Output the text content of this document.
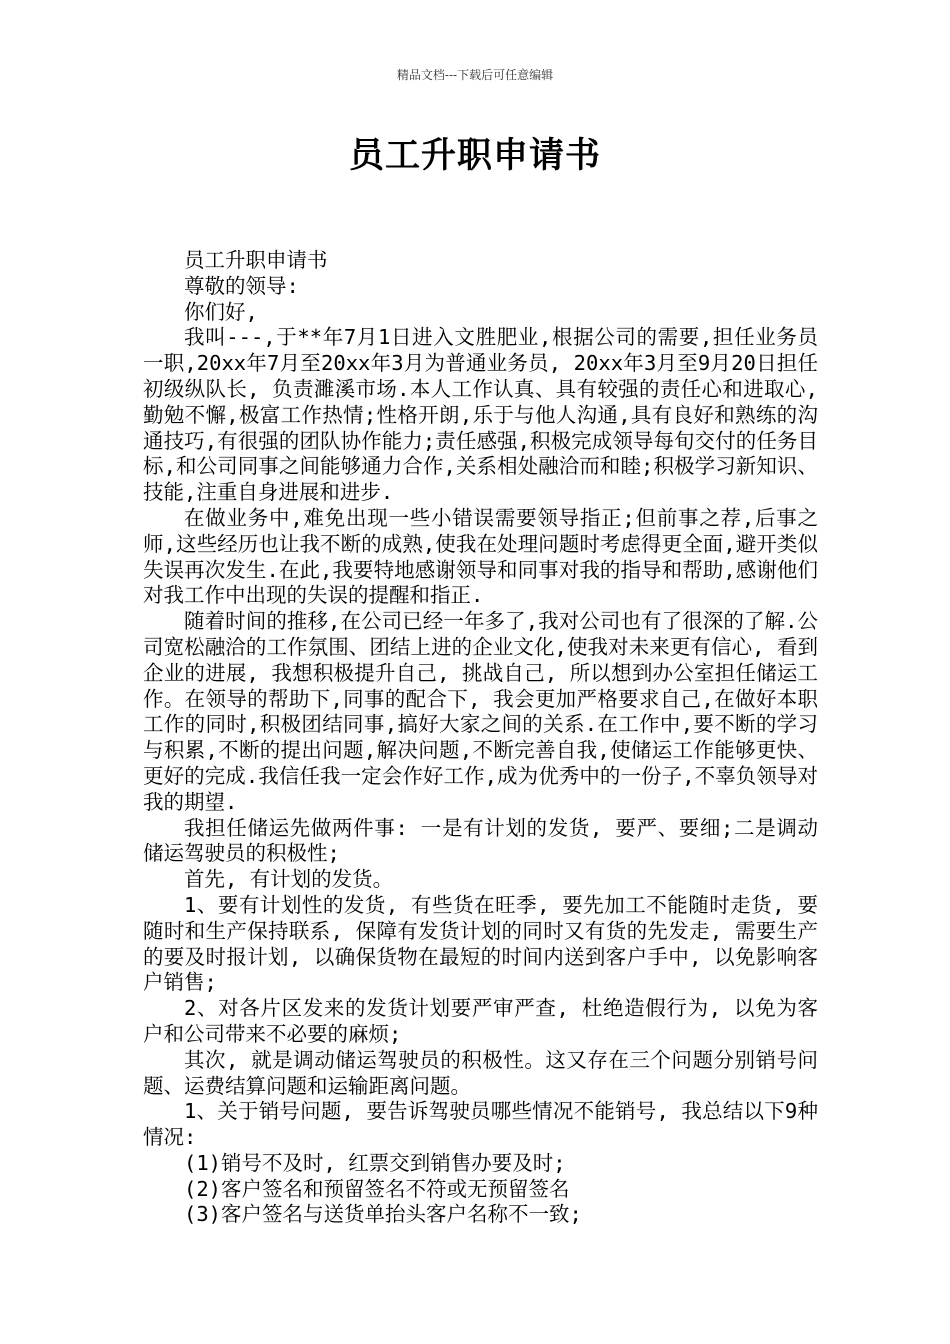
精品文档---下载后可任意编辑
员工升职申请书

员工升职申请书

尊敬的领导:

你们好,

我叫---,于**年7月1日进入文胜肥业,根据公司的需要,担任业务员一职,20xx年7月至20xx年3月为普通业务员, 20xx年3月至9月20日担任初级纵队长, 负责濉溪市场.本人工作认真、具有较强的责任心和进取心,勤勉不懈,极富工作热情;性格开朗,乐于与他人沟通,具有良好和熟练的沟通技巧,有很强的团队协作能力;责任感强,积极完成领导每旬交付的任务目标,和公司同事之间能够通力合作,关系相处融洽而和睦;积极学习新知识、技能,注重自身进展和进步.

在做业务中,难免出现一些小错误需要领导指正;但前事之荐,后事之师,这些经历也让我不断的成熟,使我在处理问题时考虑得更全面,避开类似失误再次发生.在此,我要特地感谢领导和同事对我的指导和帮助,感谢他们对我工作中出现的失误的提醒和指正.

随着时间的推移,在公司已经一年多了,我对公司也有了很深的了解.公司宽松融洽的工作氛围、团结上进的企业文化,使我对未来更有信心, 看到企业的进展, 我想积极提升自己, 挑战自己, 所以想到办公室担任储运工作。在领导的帮助下,同事的配合下, 我会更加严格要求自己,在做好本职工作的同时,积极团结同事,搞好大家之间的关系.在工作中,要不断的学习与积累,不断的提出问题,解决问题,不断完善自我,使储运工作能够更快、更好的完成.我信任我一定会作好工作,成为优秀中的一份子,不辜负领导对我的期望.

我担任储运先做两件事: 一是有计划的发货, 要严、要细;二是调动储运驾驶员的积极性;

首先, 有计划的发货。

1、要有计划性的发货, 有些货在旺季, 要先加工不能随时走货, 要随时和生产保持联系, 保障有发货计划的同时又有货的先发走, 需要生产的要及时报计划, 以确保货物在最短的时间内送到客户手中, 以免影响客户销售;

2、对各片区发来的发货计划要严审严查, 杜绝造假行为, 以免为客户和公司带来不必要的麻烦;

其次, 就是调动储运驾驶员的积极性。这又存在三个问题分别销号问题、运费结算问题和运输距离问题。

1、关于销号问题, 要告诉驾驶员哪些情况不能销号, 我总结以下9种情况:

(1)销号不及时, 红票交到销售办要及时;

(2)客户签名和预留签名不符或无预留签名

(3)客户签名与送货单抬头客户名称不一致;
